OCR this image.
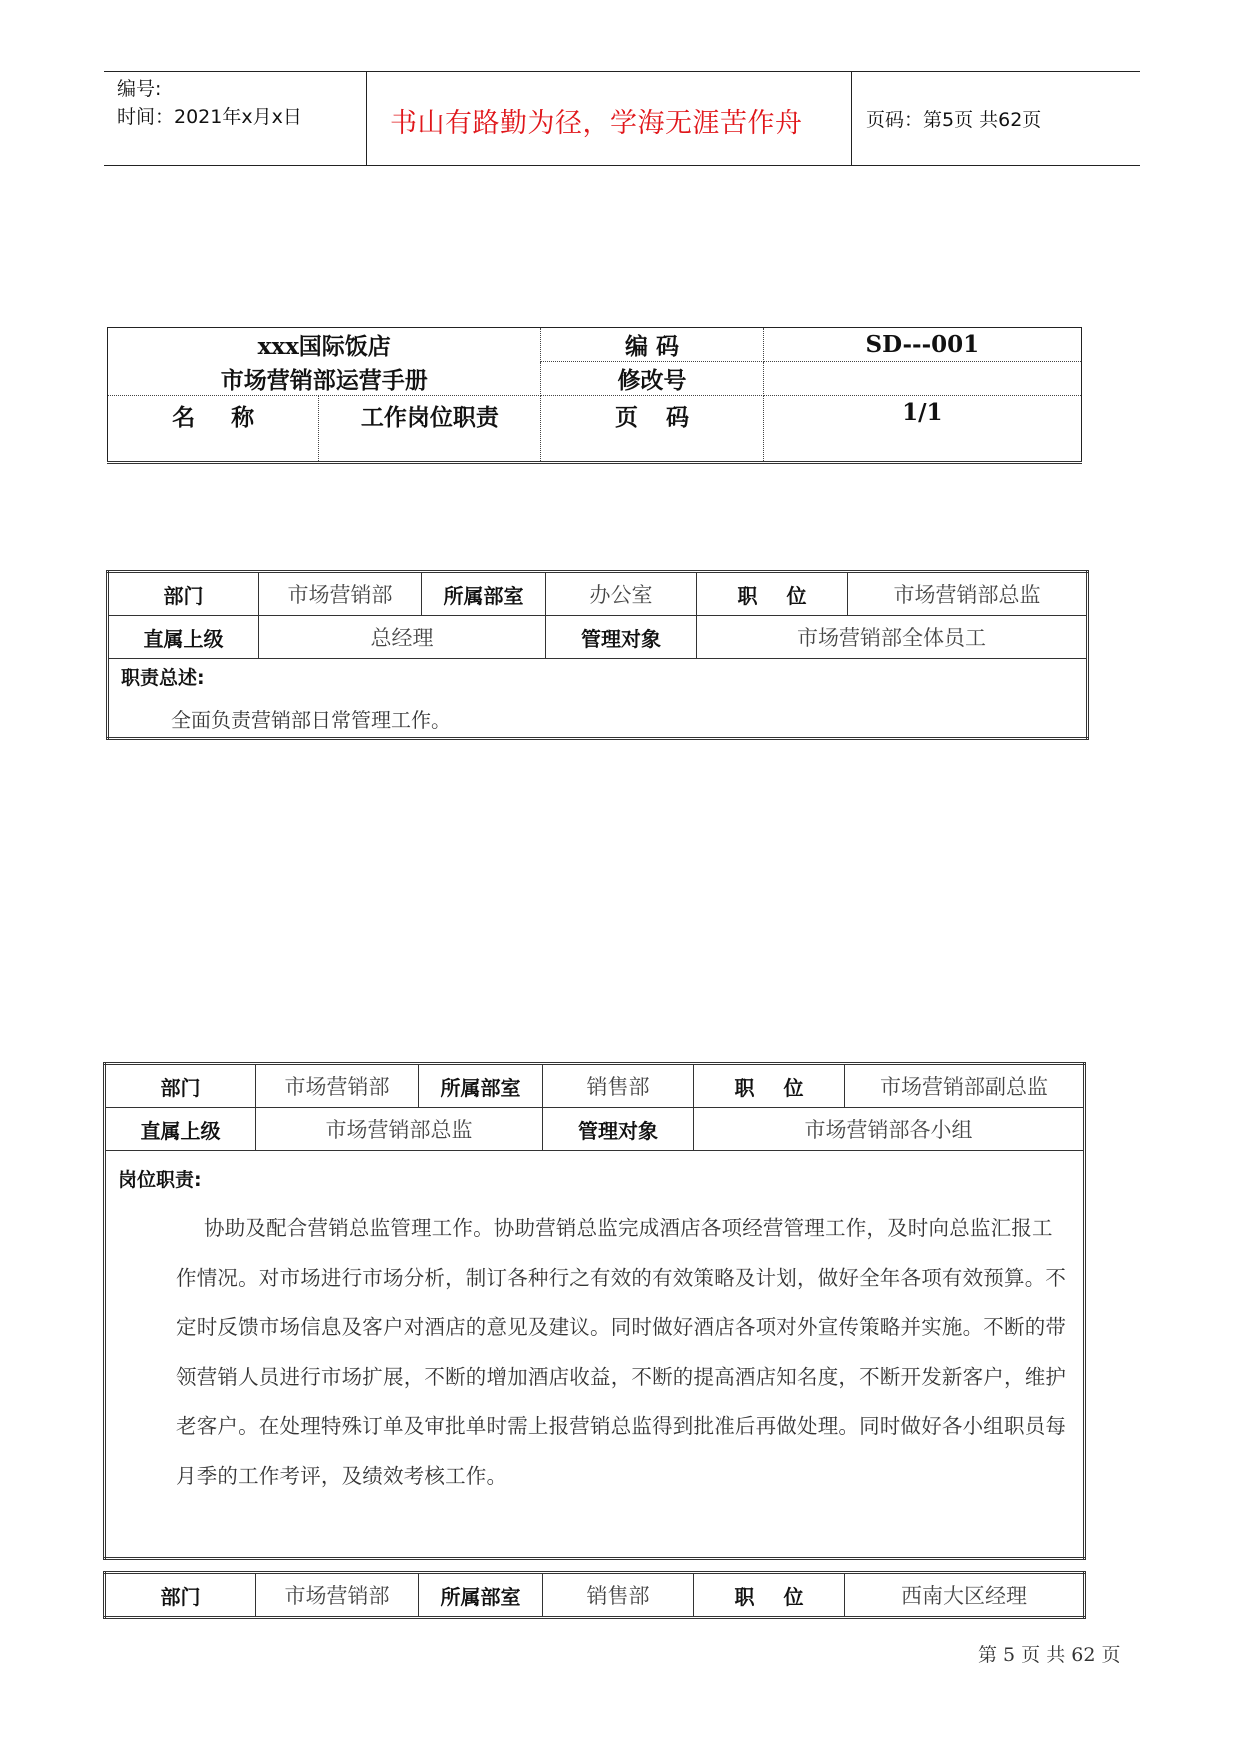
编号:
时间：2021年x月x日	书山有路勤为径，学海无涯苦作舟	页码：第5页 共62页
xxx国际饭店		编 码	SD---001
市场营销部运营手册		修改号	
名 称	工作岗位职责	页 码	1/1
部门	市场营销部	所属部室	办公室	职 位	市场营销部总监
直属上级	总经理		管理对象	市场营销部全体员工	

职责总述:
全面负责营销部日常管理工作。					
部门	市场营销部	所属部室	销售部	职 位	市场营销部副总监
直属上级	市场营销部总监		管理对象	市场营销部各小组	

岗位职责:
协助及配合营销总监管理工作。协助营销总监完成酒店各项经营管理工作，及时向总监汇报工作情况。对市场进行市场分析，制订各种行之有效的有效策略及计划，做好全年各项有效预算。不定时反馈市场信息及客户对酒店的意见及建议。同时做好酒店各项对外宣传策略并实施。不断的带领营销人员进行市场扩展，不断的增加酒店收益，不断的提高酒店知名度，不断开发新客户，维护老客户。在处理特殊订单及审批单时需上报营销总监得到批准后再做处理。同时做好各小组职员每月季的工作考评，及绩效考核工作。					
部门	市场营销部	所属部室	销售部	职 位	西南大区经理
第 5 页 共 62 页
